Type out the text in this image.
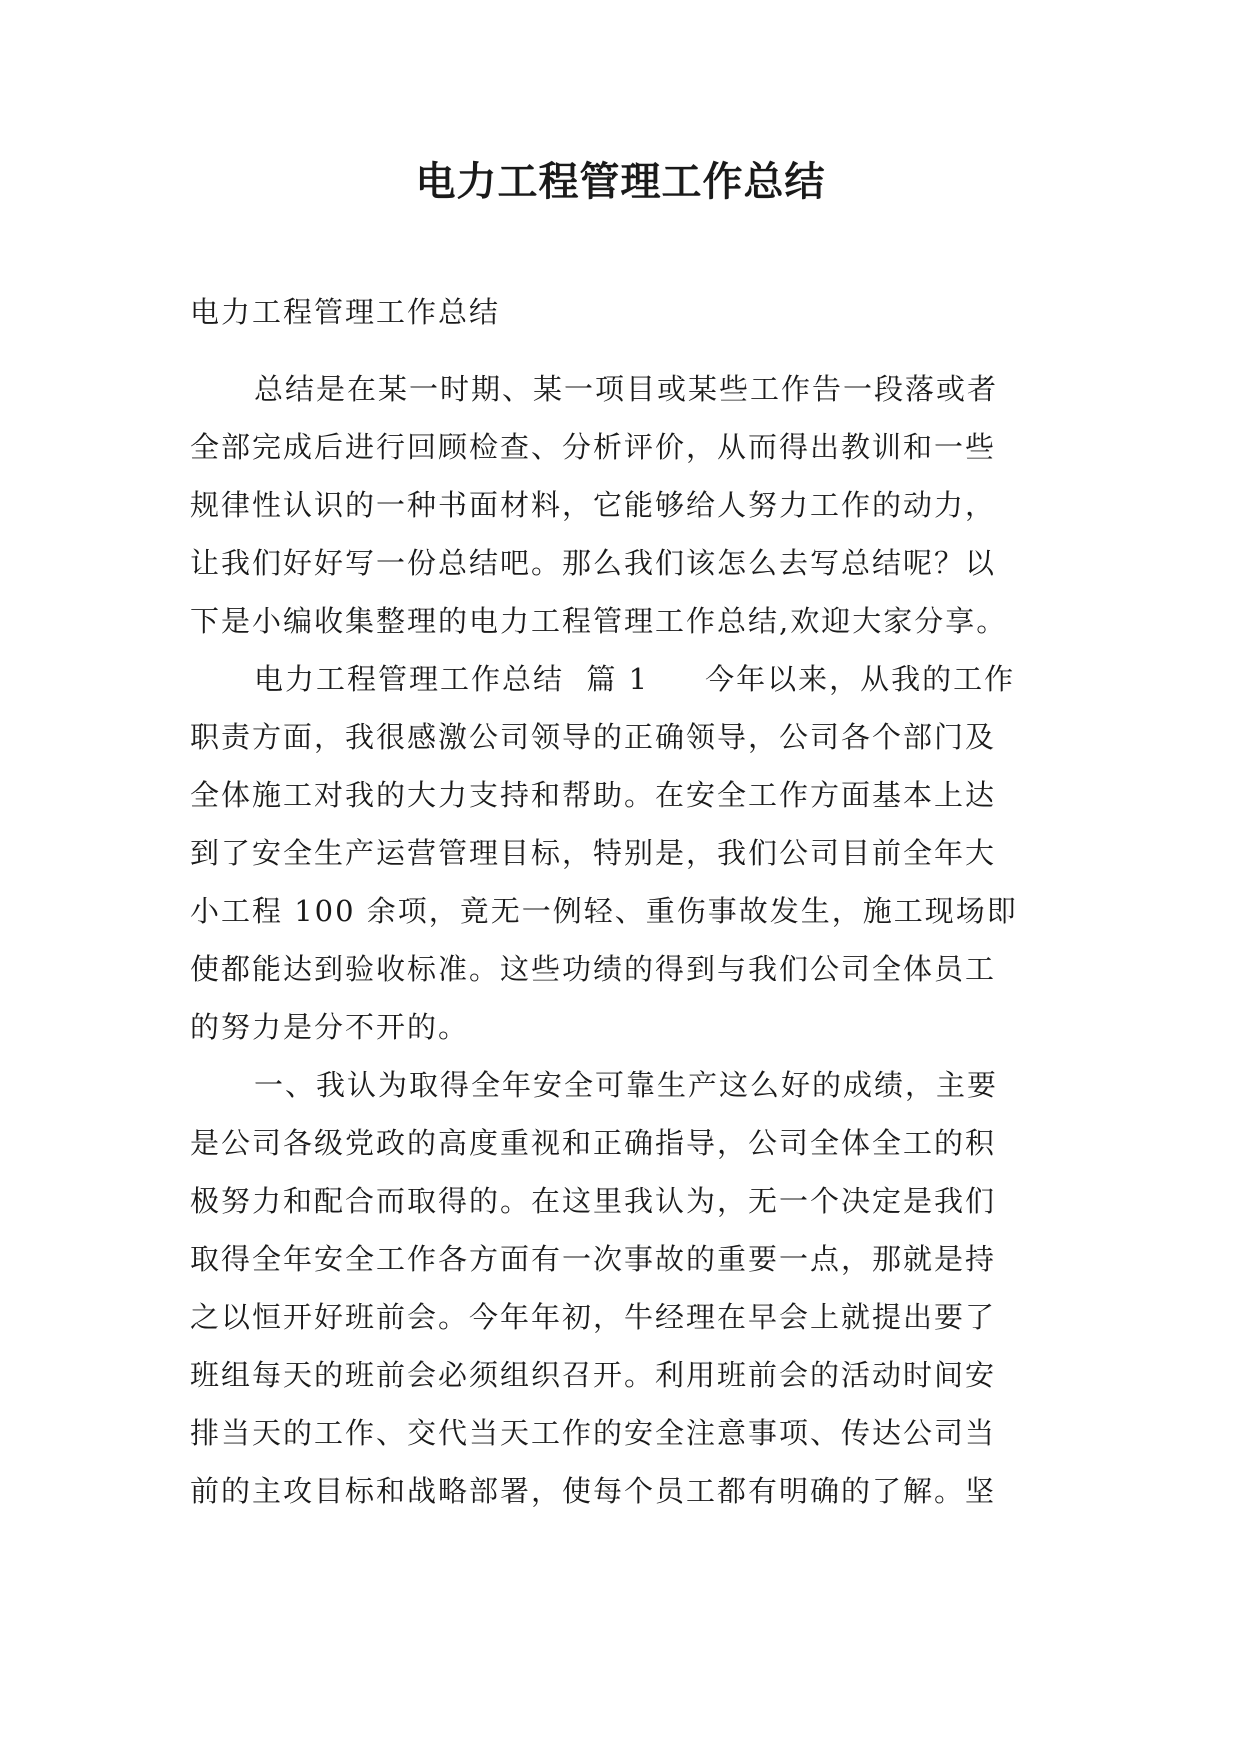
电力工程管理工作总结

电力工程管理工作总结

总结是在某一时期、某一项目或某些工作告一段落或者
全部完成后进行回顾检查、分析评价，从而得出教训和一些
规律性认识的一种书面材料，它能够给人努力工作的动力，
让我们好好写一份总结吧。那么我们该怎么去写总结呢？以
下是小编收集整理的电力工程管理工作总结,欢迎大家分享。
电力工程管理工作总结  篇 1 今年以来，从我的工作
职责方面，我很感激公司领导的正确领导，公司各个部门及
全体施工对我的大力支持和帮助。在安全工作方面基本上达
到了安全生产运营管理目标，特别是，我们公司目前全年大
小工程 100 余项，竟无一例轻、重伤事故发生，施工现场即
使都能达到验收标准。这些功绩的得到与我们公司全体员工
的努力是分不开的。
一、我认为取得全年安全可靠生产这么好的成绩，主要
是公司各级党政的高度重视和正确指导，公司全体全工的积
极努力和配合而取得的。在这里我认为，无一个决定是我们
取得全年安全工作各方面有一次事故的重要一点，那就是持
之以恒开好班前会。今年年初，牛经理在早会上就提出要了
班组每天的班前会必须组织召开。利用班前会的活动时间安
排当天的工作、交代当天工作的安全注意事项、传达公司当
前的主攻目标和战略部署，使每个员工都有明确的了解。坚
